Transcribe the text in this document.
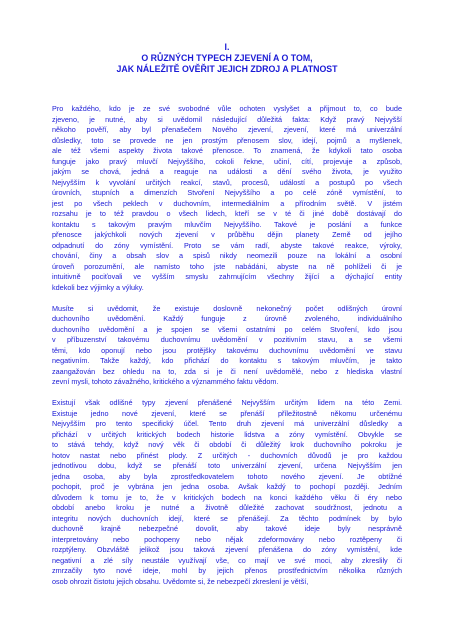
I.
O RŮZNÝCH TYPECH ZJEVENÍ A O TOM,
JAK NÁLEŽITĚ OVĚŘIT JEJICH ZDROJ A PLATNOST
Pro každého, kdo je ze své svobodné vůle ochoten vyslyšet a přijmout to, co bude
zjeveno, je nutné, aby si uvědomil následující důležitá fakta: Když pravý Nejvyšší
někoho pověří, aby byl přenašečem Nového zjevení, zjevení, které má univerzální
důsledky, toto se provede ne jen prostým přenosem slov, idejí, pojmů a myšlenek,
ale též všemi aspekty života takové přenosce. To znamená, že kdykoli tato osoba
funguje jako pravý mluvčí Nejvyššího, cokoli řekne, učiní, cítí, projevuje a způsob,
jakým se chová, jedná a reaguje na události a dění svého života, je využito
Nejvyšším k vyvolání určitých reakcí, stavů, procesů, událostí a postupů po všech
úrovních, stupních a dimenzích Stvoření Nejvyššího a po celé zóně vymístění, to
jest po všech peklech v duchovním, intermediálním a přírodním světě. V jistém
rozsahu je to též pravdou o všech lidech, kteří se v té či jiné době dostávají do
kontaktu s takovým pravým mluvčím Nejvyššího. Takové je poslání a funkce
přenosce jakýchkoli nových zjevení v průběhu dějin planety Země od jejího
odpadnutí do zóny vymístění. Proto se vám radí, abyste takové reakce, výroky,
chování, činy a obsah slov a spisů nikdy neomezili pouze na lokální a osobní
úroveň porozumění, ale namísto toho jste nabádáni, abyste na ně pohlíželi či je
intuitivně pociťovali ve vyšším smyslu zahrnujícím všechny žijící a dýchající entity
kdekoli bez výjimky a výluky.
Musíte si uvědomit, že existuje doslovně nekonečný počet odlišných úrovní
duchovního uvědomění. Každý funguje z úrovně zvoleného, individuálního
duchovního uvědomění a je spojen se všemi ostatními po celém Stvoření, kdo jsou
v příbuzenství takovému duchovnímu uvědomění v pozitivním stavu, a se všemi
těmi, kdo oponují nebo jsou protějšky takovému duchovnímu uvědomění ve stavu
negativním. Takže každý, kdo přichází do kontaktu s takovým mluvčím, je takto
zaangažován bez ohledu na to, zda si je či není uvědomělé, nebo z hlediska vlastní
zevní mysli, tohoto závažného, kritického a význammého faktu vědom.
Existují však odlišné typy zjevení přenášené Nejvyšším určitým lidem na této Zemi.
Existuje jedno nové zjevení, které se přenáší příležitostně někomu určenému
Nejvyšším pro tento specifický účel. Tento druh zjevení má univerzální důsledky a
přichází v určitých kritických bodech historie lidstva a zóny vymístění. Obvykle se
to stává tehdy, když nový věk či období či důležitý krok duchovního pokroku je
hotov nastat nebo přinést plody. Z určitých - duchovních důvodů je pro každou
jednotlivou dobu, když se přenáší toto univerzální zjevení, určena Nejvyšším jen
jedna osoba, aby byla zprostředkovatelem tohoto nového zjevení. Je obtížné
pochopit, proč je vybrána jen jedna osoba. Avšak každý to pochopí později. Jedním
důvodem k tomu je to, že v kritických bodech na konci každého věku či éry nebo
období anebo kroku je nutné a životně důležité zachovat soudržnost, jednotu a
integritu nových duchovních idejí, které se přenášejí. Za těchto podmínek by bylo
duchovně krajně nebezpečné dovolit, aby takové ideje byly nesprávně
interpretovány nebo pochopeny nebo nějak zdeformovány nebo roztěpeny či
rozptýleny. Obzvláště jelikož jsou taková zjevení přenášena do zóny vymístění, kde
negativní a zlé síly neustále využívají vše, co mají ve své moci, aby zkreslily či
zmrzačily tyto nové ideje, mohl by jejich přenos prostřednictvím několika různých
osob ohrozit čistotu jejich obsahu. Uvědomte si, že nebezpečí zkreslení je větší,
